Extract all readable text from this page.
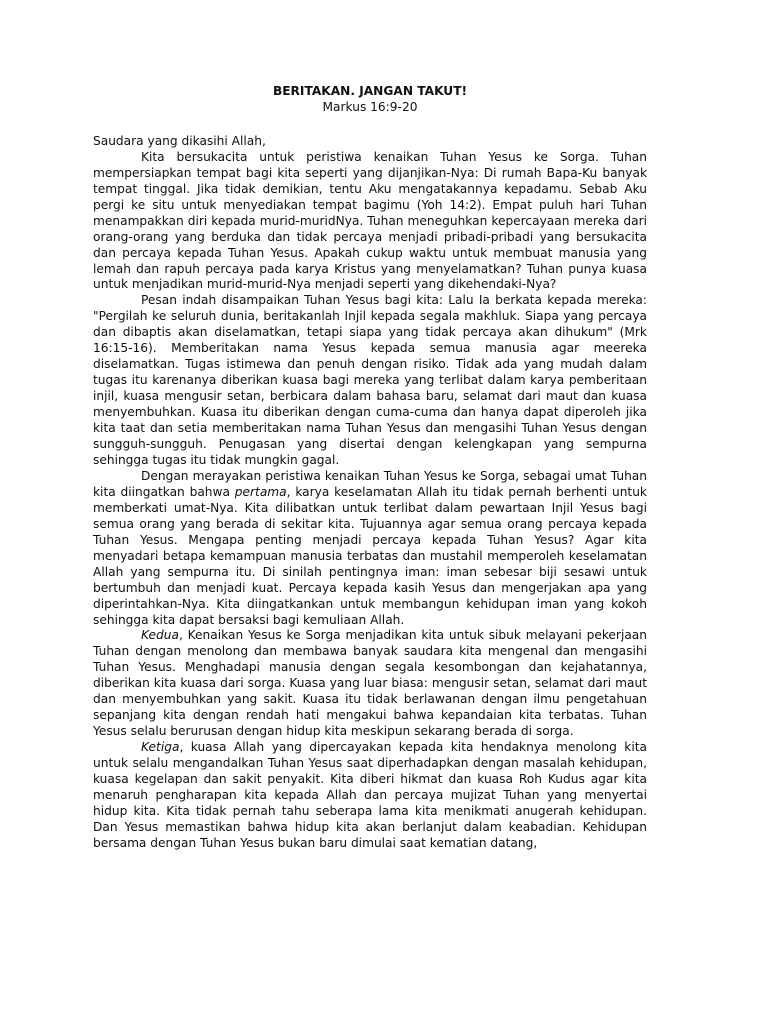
BERITAKAN. JANGAN TAKUT!

Markus 16:9-20

Saudara yang dikasihi Allah,

Kita bersukacita untuk peristiwa kenaikan Tuhan Yesus ke Sorga. Tuhan mempersiapkan tempat bagi kita seperti yang dijanjikan-Nya: Di rumah Bapa-Ku banyak tempat tinggal. Jika tidak demikian, tentu Aku mengatakannya kepadamu. Sebab Aku pergi ke situ untuk menyediakan tempat bagimu (Yoh 14:2). Empat puluh hari Tuhan menampakkan diri kepada murid-muridNya. Tuhan meneguhkan kepercayaan mereka dari orang-orang yang berduka dan tidak percaya menjadi pribadi-pribadi yang bersukacita dan percaya kepada Tuhan Yesus. Apakah cukup waktu untuk membuat manusia yang lemah dan rapuh percaya pada karya Kristus yang menyelamatkan? Tuhan punya kuasa untuk menjadikan murid-murid-Nya menjadi seperti yang dikehendaki-Nya?

Pesan indah disampaikan Tuhan Yesus bagi kita: Lalu Ia berkata kepada mereka: "Pergilah ke seluruh dunia, beritakanlah Injil kepada segala makhluk. Siapa yang percaya dan dibaptis akan diselamatkan, tetapi siapa yang tidak percaya akan dihukum" (Mrk 16:15-16). Memberitakan nama Yesus kepada semua manusia agar meereka diselamatkan. Tugas istimewa dan penuh dengan risiko. Tidak ada yang mudah dalam tugas itu karenanya diberikan kuasa bagi mereka yang terlibat dalam karya pemberitaan injil, kuasa mengusir setan, berbicara dalam bahasa baru, selamat dari maut dan kuasa menyembuhkan. Kuasa itu diberikan dengan cuma-cuma dan hanya dapat diperoleh jika kita taat dan setia memberitakan nama Tuhan Yesus dan mengasihi Tuhan Yesus dengan sungguh-sungguh. Penugasan yang disertai dengan kelengkapan yang sempurna sehingga tugas itu tidak mungkin gagal.

Dengan merayakan peristiwa kenaikan Tuhan Yesus ke Sorga, sebagai umat Tuhan kita diingatkan bahwa pertama, karya keselamatan Allah itu tidak pernah berhenti untuk memberkati umat-Nya. Kita dilibatkan untuk terlibat dalam pewartaan Injil Yesus bagi semua orang yang berada di sekitar kita. Tujuannya agar semua orang percaya kepada Tuhan Yesus. Mengapa penting menjadi percaya kepada Tuhan Yesus? Agar kita menyadari betapa kemampuan manusia terbatas dan mustahil memperoleh keselamatan Allah yang sempurna itu. Di sinilah pentingnya iman: iman sebesar biji sesawi untuk bertumbuh dan menjadi kuat. Percaya kepada kasih Yesus dan mengerjakan apa yang diperintahkan-Nya. Kita diingatkankan untuk membangun kehidupan iman yang kokoh sehingga kita dapat bersaksi bagi kemuliaan Allah.

Kedua, Kenaikan Yesus ke Sorga menjadikan kita untuk sibuk melayani pekerjaan Tuhan dengan menolong dan membawa banyak saudara kita mengenal dan mengasihi Tuhan Yesus. Menghadapi manusia dengan segala kesombongan dan kejahatannya, diberikan kita kuasa dari sorga. Kuasa yang luar biasa: mengusir setan, selamat dari maut dan menyembuhkan yang sakit. Kuasa itu tidak berlawanan dengan ilmu pengetahuan sepanjang kita dengan rendah hati mengakui bahwa kepandaian kita terbatas. Tuhan Yesus selalu berurusan dengan hidup kita meskipun sekarang berada di sorga.

Ketiga, kuasa Allah yang dipercayakan kepada kita hendaknya menolong kita untuk selalu mengandalkan Tuhan Yesus saat diperhadapkan dengan masalah kehidupan, kuasa kegelapan dan sakit penyakit. Kita diberi hikmat dan kuasa Roh Kudus agar kita menaruh pengharapan kita kepada Allah dan percaya mujizat Tuhan yang menyertai hidup kita. Kita tidak pernah tahu seberapa lama kita menikmati anugerah kehidupan. Dan Yesus memastikan bahwa hidup kita akan berlanjut dalam keabadian. Kehidupan bersama dengan Tuhan Yesus bukan baru dimulai saat kematian datang,
